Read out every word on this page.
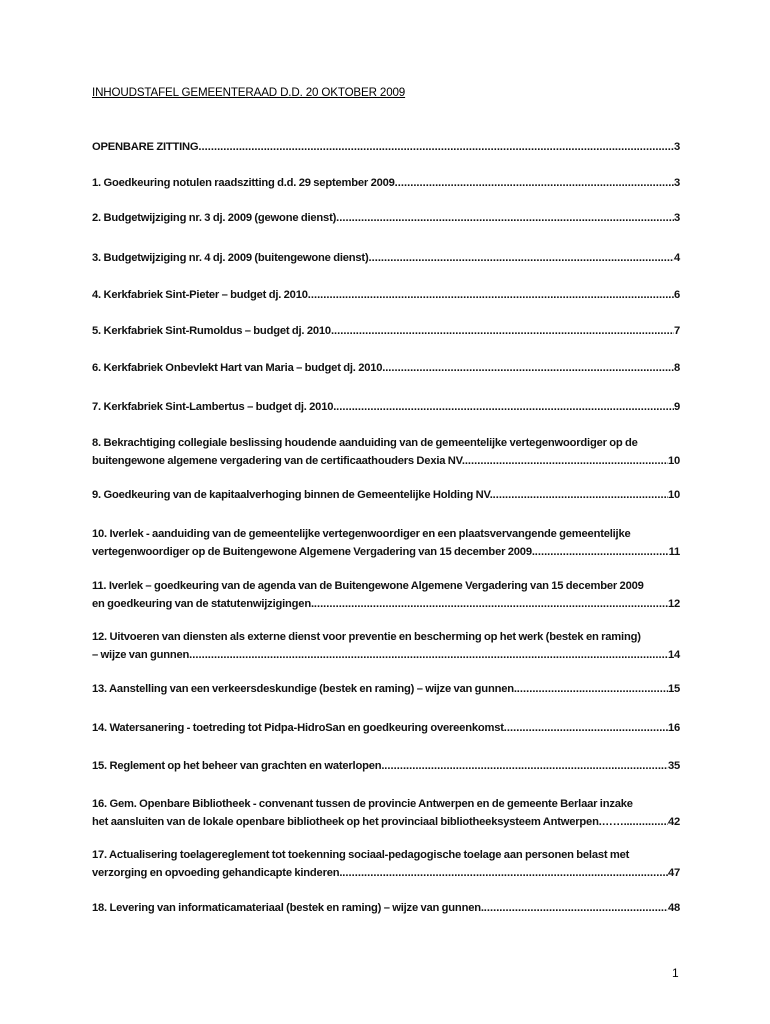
INHOUDSTAFEL GEMEENTERAAD D.D. 20 OKTOBER 2009
OPENBARE ZITTING .....	3
1. Goedkeuring notulen raadszitting d.d. 29 september 2009 .....	3
2. Budgetwijziging nr. 3 dj. 2009 (gewone dienst) .....	3
3. Budgetwijziging nr. 4 dj. 2009 (buitengewone dienst) .....	4
4. Kerkfabriek Sint-Pieter – budget dj. 2010 .....	6
5. Kerkfabriek Sint-Rumoldus – budget dj. 2010 .....	7
6. Kerkfabriek Onbevlekt Hart van Maria – budget dj. 2010. .....	8
7. Kerkfabriek Sint-Lambertus – budget dj. 2010. .....	9
8. Bekrachtiging collegiale beslissing houdende aanduiding van de gemeentelijke vertegenwoordiger op de
buitengewone algemene vergadering van de certificaathouders Dexia NV. .....	10
9. Goedkeuring van de kapitaalverhoging binnen de Gemeentelijke Holding NV. .....	10
10. Iverlek - aanduiding van de gemeentelijke vertegenwoordiger en een plaatsvervangende gemeentelijke
vertegenwoordiger op de Buitengewone Algemene Vergadering van 15 december 2009. .....	11
11. Iverlek – goedkeuring van de agenda van de Buitengewone Algemene Vergadering van 15 december 2009
en goedkeuring van de statutenwijzigingen. .....	12
12. Uitvoeren van diensten als externe dienst voor preventie en bescherming op het werk (bestek en raming)
– wijze van gunnen .....	14
13. Aanstelling van een verkeersdeskundige (bestek en raming) – wijze van gunnen. .....	15
14. Watersanering - toetreding tot Pidpa-HidroSan en goedkeuring overeenkomst .....	16
15. Reglement op het beheer van grachten en waterlopen. .....	35
16. Gem. Openbare Bibliotheek - convenant tussen de provincie Antwerpen en de gemeente Berlaar inzake
het aansluiten van de lokale openbare bibliotheek op het provinciaal bibliotheeksysteem Antwerpen.…….. .....	42
17. Actualisering toelagereglement tot toekenning sociaal-pedagogische toelage aan personen belast met
verzorging en opvoeding gehandicapte kinderen. .....	47
18. Levering van informaticamateriaal (bestek en raming) – wijze van gunnen. .....	48
1
